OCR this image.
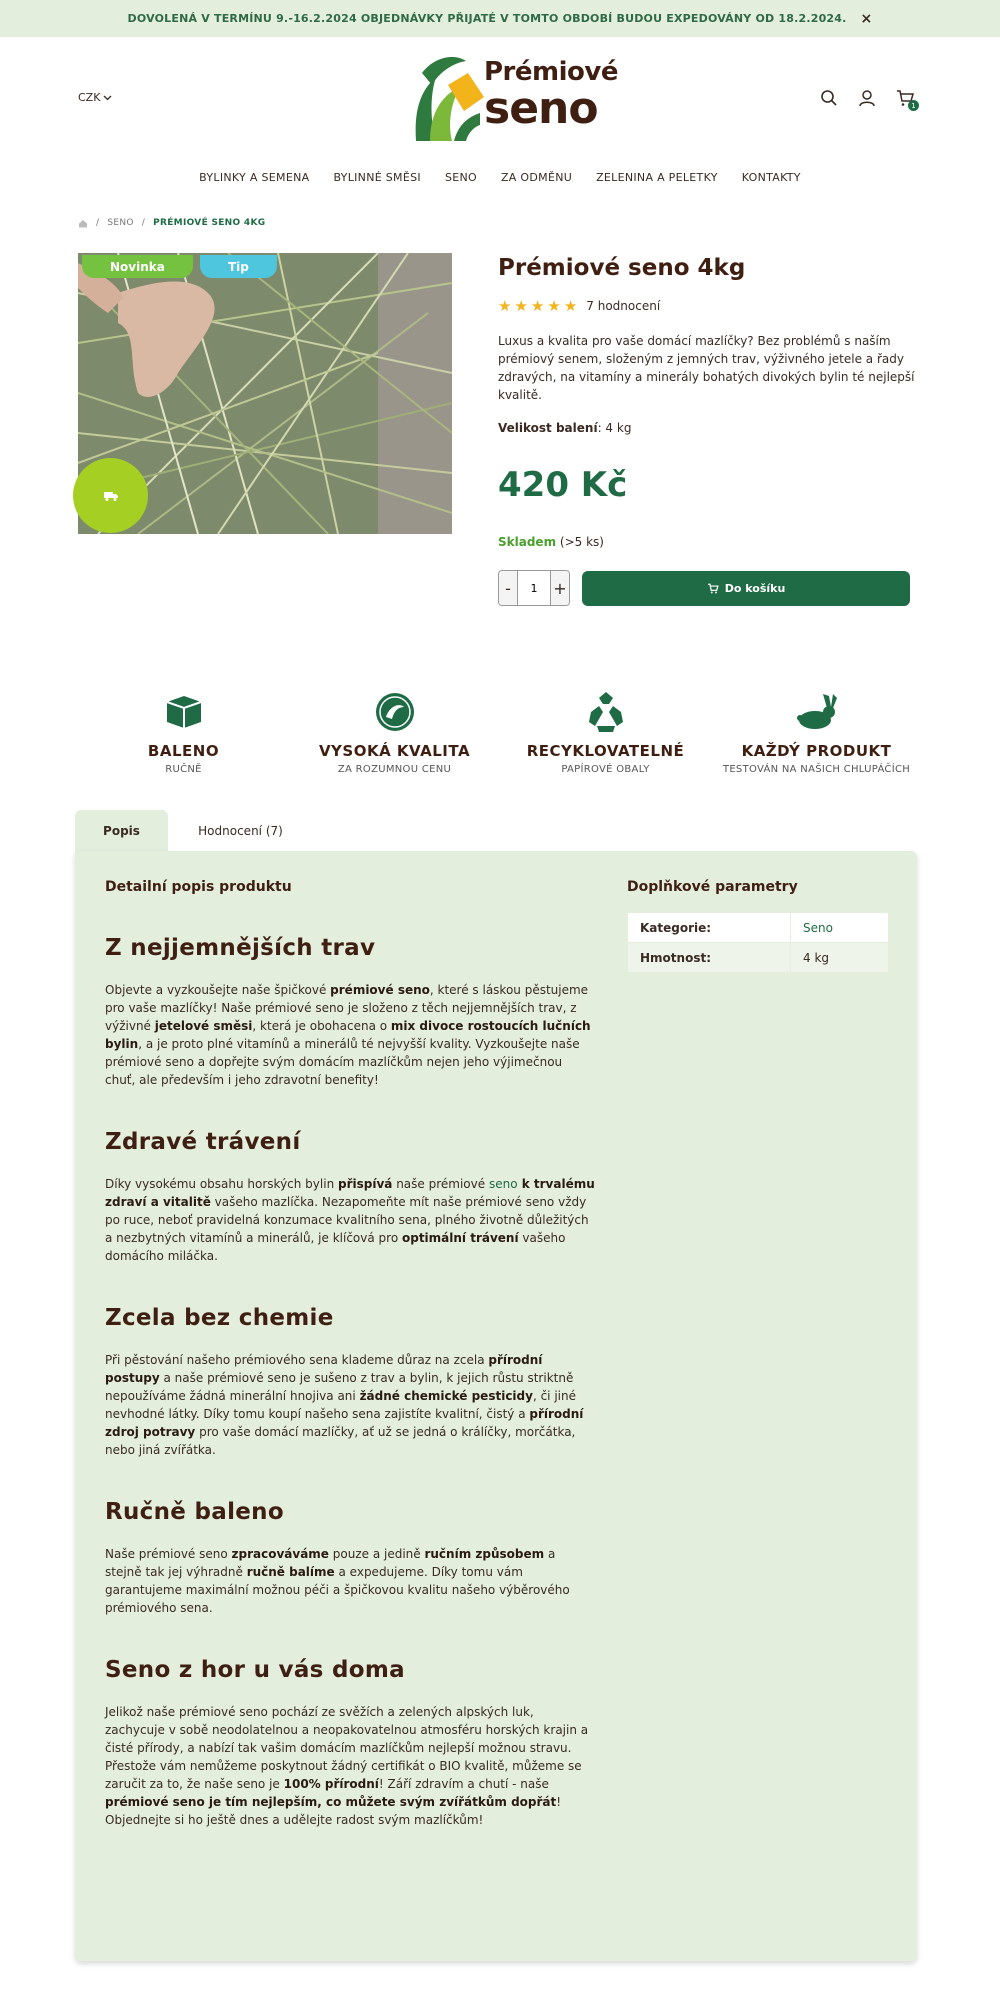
DOVOLENÁ V TERMÍNU 9.-16.2.2024 OBJEDNÁVKY PŘIJATÉ V TOMTO OBDOBÍ BUDOU EXPEDOVÁNY OD 18.2.2024. ×
CZK
Prémiové
seno	1
BYLINKY A SEMENA BYLINNÉ SMĚSI SENO ZA ODMĚNU ZELENINA A PELETKY KONTAKTY
/ SENO / PRÉMIOVÉ SENO 4KG
Novinka	Tip	Prémiové seno 4kg
★ ★ ★ ★ ★ 7 hodnocení

Luxus a kvalita pro vaše domácí mazlíčky? Bez problémů s naším prémiový senem, složeným z jemných trav, výživného jetele a řady zdravých, na vitamíny a minerály bohatých divokých bylin té nejlepší kvalitě.

Velikost balení: 4 kg
420 Kč
Skladem (>5 ks)
-
1	+	Do košíku
BALENO
RUČNĚ
VYSOKÁ KVALITA
ZA ROZUMNOU CENU
RECYKLOVATELNÉ
PAPÍROVÉ OBALY
KAŽDÝ PRODUKT
TESTOVÁN NA NAŠICH CHLUPÁČÍCH
Popis	Hodnocení (7)
Detailní popis produktu
Z nejjemnějších trav

Objevte a vyzkoušejte naše špičkové prémiové seno, které s láskou pěstujeme pro vaše mazlíčky! Naše prémiové seno je složeno z těch nejjemnějších trav, z výživné jetelové směsi, která je obohacena o mix divoce rostoucích lučních bylin, a je proto plné vitamínů a minerálů té nejvyšší kvality. Vyzkoušejte naše prémiové seno a dopřejte svým domácím mazlíčkům nejen jeho výjimečnou chuť, ale především i jeho zdravotní benefity!

Zdravé trávení

Díky vysokému obsahu horských bylin přispívá naše prémiové seno k trvalému zdraví a vitalitě vašeho mazlíčka. Nezapomeňte mít naše prémiové seno vždy po ruce, neboť pravidelná konzumace kvalitního sena, plného životně důležitých a nezbytných vitamínů a minerálů, je klíčová pro optimální trávení vašeho domácího miláčka.

Zcela bez chemie

Při pěstování našeho prémiového sena klademe důraz na zcela přírodní postupy a naše prémiové seno je sušeno z trav a bylin, k jejich růstu striktně nepoužíváme žádná minerální hnojiva ani žádné chemické pesticidy, či jiné nevhodné látky. Díky tomu koupí našeho sena zajistíte kvalitní, čistý a přírodní zdroj potravy pro vaše domácí mazlíčky, ať už se jedná o králíčky, morčátka, nebo jiná zvířátka.

Ručně baleno

Naše prémiové seno zpracováváme pouze a jedině ručním způsobem a stejně tak jej výhradně ručně balíme a expedujeme. Díky tomu vám garantujeme maximální možnou péči a špičkovou kvalitu našeho výběrového prémiového sena.

Seno z hor u vás doma

Jelikož naše prémiové seno pochází ze svěžích a zelených alpských luk, zachycuje v sobě neodolatelnou a neopakovatelnou atmosféru horských krajin a čisté přírody, a nabízí tak vašim domácím mazlíčkům nejlepší možnou stravu. Přestože vám nemůžeme poskytnout žádný certifikát o BIO kvalitě, můžeme se zaručit za to, že naše seno je 100% přírodní! Září zdravím a chutí - naše prémiové seno je tím nejlepším, co můžete svým zvířátkům dopřát! Objednejte si ho ještě dnes a udělejte radost svým mazlíčkům!

Doplňkové parametry
Kategorie:	Seno
Hmotnost:	4 kg
